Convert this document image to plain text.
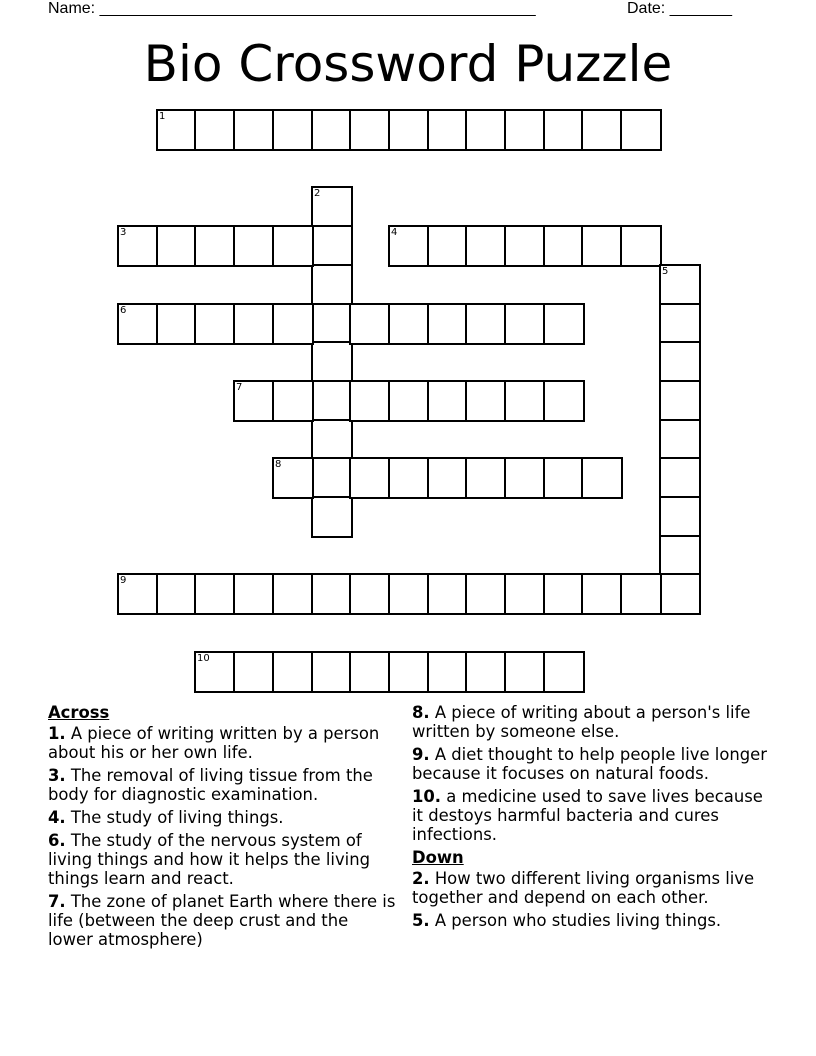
Name: _________________________________________________	Date: _______
Bio Crossword Puzzle
1
2
3	4
5
6
7
8
9
10
Across
1. A piece of writing written by a person about his or her own life.
3. The removal of living tissue from the body for diagnostic examination.
4. The study of living things.
6. The study of the nervous system of living things and how it helps the living things learn and react.
7. The zone of planet Earth where there is life (between the deep crust and the lower atmosphere)
8. A piece of writing about a person's life written by someone else.
9. A diet thought to help people live longer because it focuses on natural foods.
10. a medicine used to save lives because it destoys harmful bacteria and cures infections.
Down
2. How two different living organisms live together and depend on each other.
5. A person who studies living things.
